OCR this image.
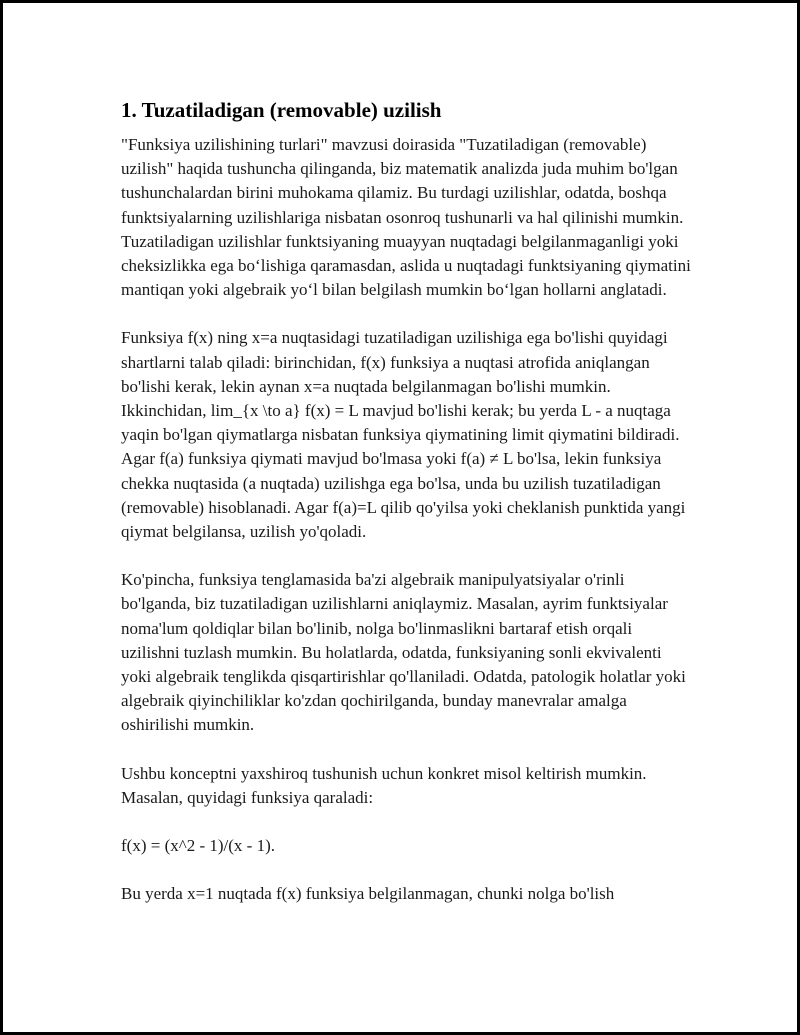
1. Tuzatiladigan (removable) uzilish

"Funksiya uzilishining turlari" mavzusi doirasida "Tuzatiladigan (removable) uzilish" haqida tushuncha qilinganda, biz matematik analizda juda muhim bo'lgan tushunchalardan birini muhokama qilamiz. Bu turdagi uzilishlar, odatda, boshqa funktsiyalarning uzilishlariga nisbatan osonroq tushunarli va hal qilinishi mumkin. Tuzatiladigan uzilishlar funktsiyaning muayyan nuqtadagi belgilanmaganligi yoki cheksizlikka ega bo‘lishiga qaramasdan, aslida u nuqtadagi funktsiyaning qiymatini mantiqan yoki algebraik yo‘l bilan belgilash mumkin bo‘lgan hollarni anglatadi.

Funksiya f(x) ning x=a nuqtasidagi tuzatiladigan uzilishiga ega bo'lishi quyidagi shartlarni talab qiladi: birinchidan, f(x) funksiya a nuqtasi atrofida aniqlangan bo'lishi kerak, lekin aynan x=a nuqtada belgilanmagan bo'lishi mumkin. Ikkinchidan, lim_{x \to a} f(x) = L mavjud bo'lishi kerak; bu yerda L - a nuqtaga yaqin bo'lgan qiymatlarga nisbatan funksiya qiymatining limit qiymatini bildiradi. Agar f(a) funksiya qiymati mavjud bo'lmasa yoki f(a) ≠ L bo'lsa, lekin funksiya chekka nuqtasida (a nuqtada) uzilishga ega bo'lsa, unda bu uzilish tuzatiladigan (removable) hisoblanadi. Agar f(a)=L qilib qo'yilsa yoki cheklanish punktida yangi qiymat belgilansa, uzilish yo'qoladi.

Ko'pincha, funksiya tenglamasida ba'zi algebraik manipulyatsiyalar o'rinli bo'lganda, biz tuzatiladigan uzilishlarni aniqlaymiz. Masalan, ayrim funktsiyalar noma'lum qoldiqlar bilan bo'linib, nolga bo'linmaslikni bartaraf etish orqali uzilishni tuzlash mumkin. Bu holatlarda, odatda, funksiyaning sonli ekvivalenti yoki algebraik tenglikda qisqartirishlar qo'llaniladi. Odatda, patologik holatlar yoki algebraik qiyinchiliklar ko'zdan qochirilganda, bunday manevralar amalga oshirilishi mumkin.

Ushbu konceptni yaxshiroq tushunish uchun konkret misol keltirish mumkin. Masalan, quyidagi funksiya qaraladi:

f(x) = (x^2 - 1)/(x - 1).

Bu yerda x=1 nuqtada f(x) funksiya belgilanmagan, chunki nolga bo'lish
